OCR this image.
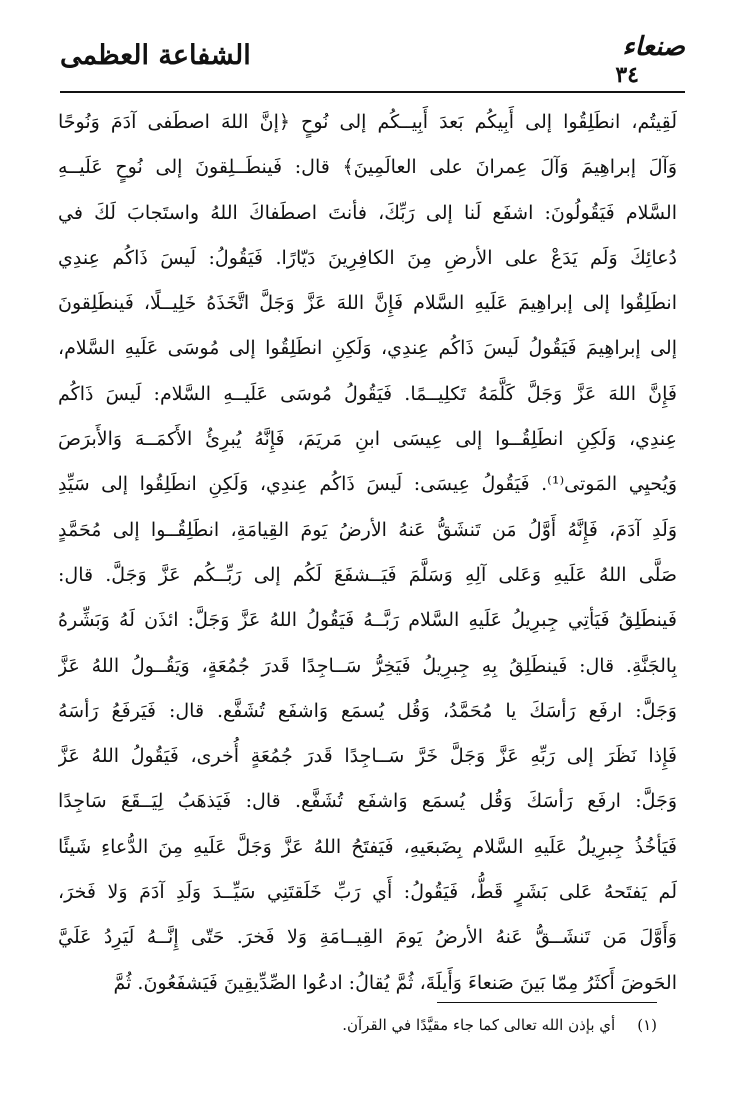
الشفاعة العظمى	صنعاء
٣٤
لَقِيتُم، انطَلِقُوا إلى أَبِيكُم بَعدَ أَبِيــكُم إلى نُوحٍ ﴿إنَّ اللهَ اصطَفى آدَمَ وَنُوحًا
وَآلَ إبراهِيمَ وَآلَ عِمرانَ على العالَمِينَ﴾ قال: فَينطَــلِقونَ إلى نُوحٍ عَلَيــهِ
السَّلام فَيَقُولُونَ: اشفَع لَنا إلى رَبِّكَ، فأنتَ اصطَفاكَ اللهُ واستَجابَ لَكَ في
دُعائِكَ وَلَم يَدَعْ على الأرضِ مِنَ الكافِرِينَ دَيّارًا. فَيَقُولُ: لَيسَ ذَاكُم عِندِي
انطَلِقُوا إلى إبراهِيمَ عَلَيهِ السَّلام فَإِنَّ اللهَ عَزَّ وَجَلَّ اتَّخَذَهُ خَلِيــلًا، فَينطَلِقونَ
إلى إبراهِيمَ فَيَقُولُ لَيسَ ذَاكُم عِندِي، وَلَكِنِ انطَلِقُوا إلى مُوسَى عَلَيهِ السَّلام،
فَإِنَّ اللهَ عَزَّ وَجَلَّ كَلَّمَهُ تَكلِيــمًا. فَيَقُولُ مُوسَى عَلَيــهِ السَّلام: لَيسَ ذَاكُم
عِندِي، وَلَكِنِ انطَلِقُــوا إلى عِيسَى ابنِ مَريَمَ، فَإِنَّهُ يُبرِئُ الأَكمَــهَ وَالأَبرَصَ
وَيُحيِي المَوتى⁽¹⁾. فَيَقُولُ عِيسَى: لَيسَ ذَاكُم عِندِي، وَلَكِنِ انطَلِقُوا إلى سَيِّدِ
وَلَدِ آدَمَ، فَإِنَّهُ أَوَّلُ مَن تَنشَقُّ عَنهُ الأرضُ يَومَ القِيامَةِ، انطَلِقُــوا إلى مُحَمَّدٍ
صَلَّى اللهُ عَلَيهِ وَعَلى آلِهِ وَسَلَّمَ فَيَــشفَعَ لَكُم إلى رَبِّــكُم عَزَّ وَجَلَّ. قال:
فَينطَلِقُ فَيَأتِي جِبرِيلُ عَلَيهِ السَّلام رَبَّــهُ فَيَقُولُ اللهُ عَزَّ وَجَلَّ: ائذَن لَهُ وَبَشِّرهُ
بِالجَنَّةِ. قال: فَينطَلِقُ بِهِ جِبرِيلُ فَيَخِرُّ سَــاجِدًا قَدرَ جُمُعَةٍ، وَيَقُــولُ اللهُ عَزَّ
وَجَلَّ: ارفَع رَأسَكَ يا مُحَمَّدُ، وَقُل يُسمَع وَاشفَع تُشَفَّع. قال: فَيَرفَعُ رَأسَهُ
فَإِذا نَظَرَ إلى رَبِّهِ عَزَّ وَجَلَّ خَرَّ سَــاجِدًا قَدرَ جُمُعَةٍ أُخرى، فَيَقُولُ اللهُ عَزَّ
وَجَلَّ: ارفَع رَأسَكَ وَقُل يُسمَع وَاشفَع تُشَفَّع. قال: فَيَذهَبُ لِيَــقَعَ سَاجِدًا
فَيَأخُذُ جِبرِيلُ عَلَيهِ السَّلام بِضَبعَيهِ، فَيَفتَحُ اللهُ عَزَّ وَجَلَّ عَلَيهِ مِنَ الدُّعاءِ شَيئًا
لَم يَفتَحهُ عَلى بَشَرٍ قَطُّ، فَيَقُولُ: أَي رَبِّ خَلَقتَنِي سَيِّــدَ وَلَدِ آدَمَ وَلا فَخرَ،
وَأَوَّلَ مَن تَنشَــقُّ عَنهُ الأرضُ يَومَ القِيــامَةِ وَلا فَخرَ. حَتّى إِنَّــهُ لَيَرِدُ عَلَيَّ
الحَوضَ أَكثَرُ مِمّا بَينَ صَنعاءَ وَأَيلَةَ، ثُمَّ يُقالُ: ادعُوا الصِّدِّيقِينَ فَيَشفَعُونَ. ثُمَّ
(١)أي بإذن الله تعالى كما جاء مقيَّدًا في القرآن.
